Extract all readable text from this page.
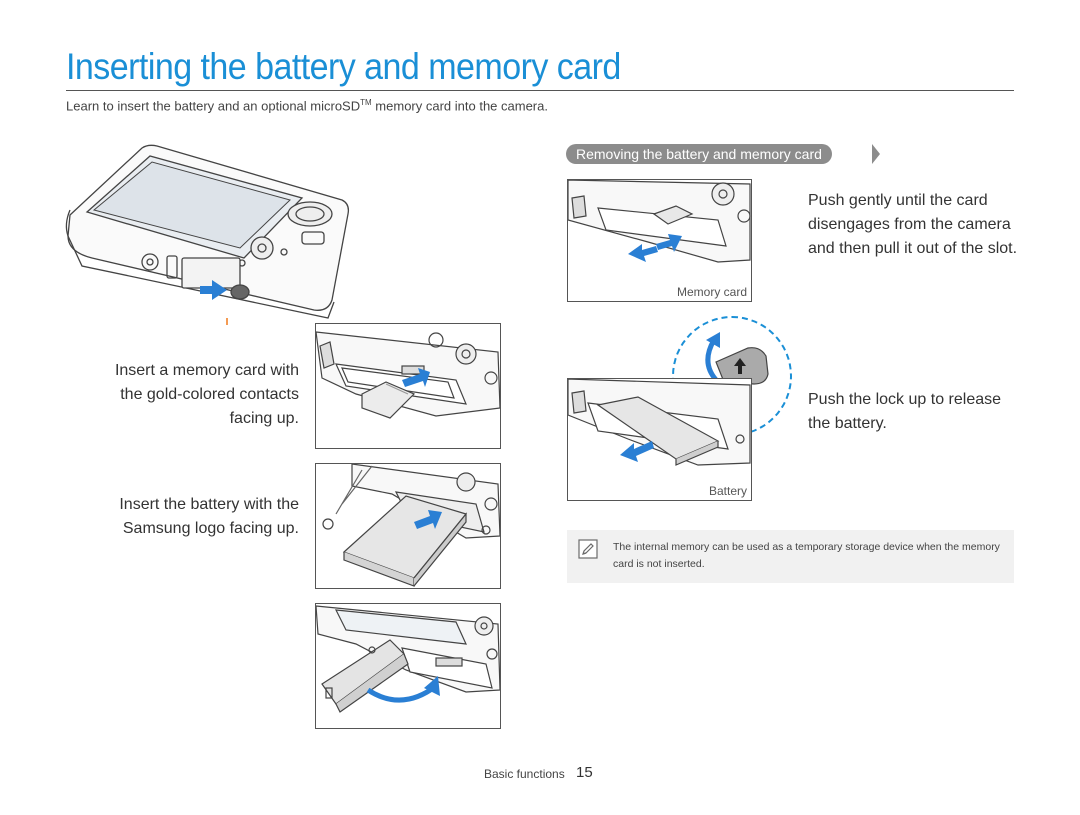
Inserting the battery and memory card
Learn to insert the battery and an optional microSD™ memory card into the camera.
Insert a memory card with the gold-colored contacts facing up.
Insert the battery with the Samsung logo facing up.
Removing the battery and memory card
Memory card
Battery
Push gently until the card disengages from the camera and then pull it out of the slot.
Push the lock up to release the battery.
The internal memory can be used as a temporary storage device when the memory card is not inserted.
Basic functions 15
